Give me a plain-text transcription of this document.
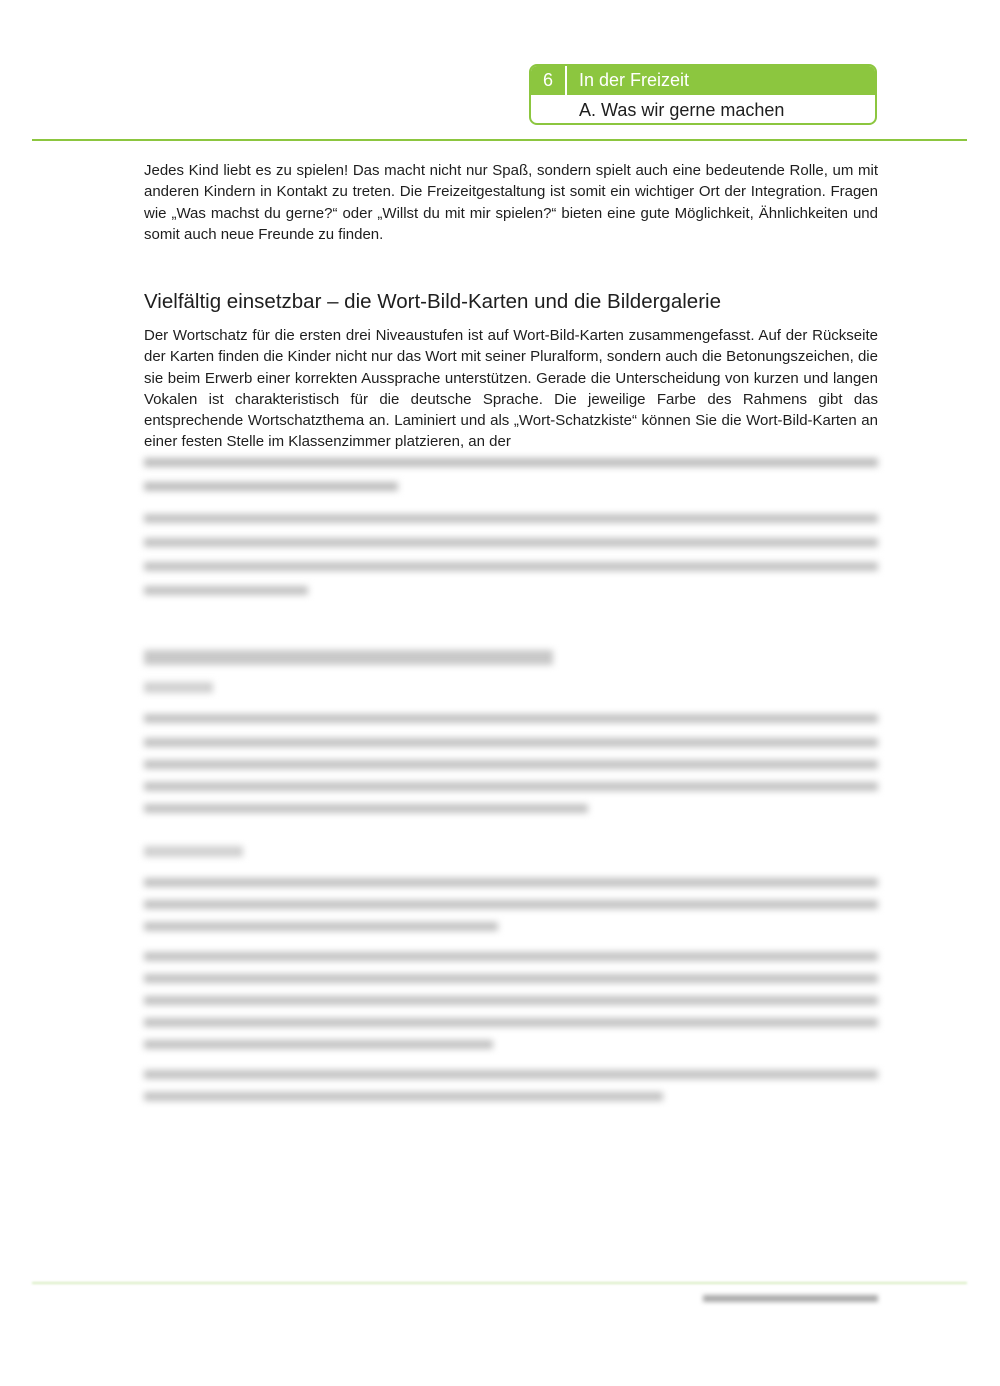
6	In der Freizeit
A. Was wir gerne machen

Jedes Kind liebt es zu spielen! Das macht nicht nur Spaß, sondern spielt auch eine bedeutende Rolle, um mit anderen Kindern in Kontakt zu treten. Die Freizeitgestaltung ist somit ein wichtiger Ort der Integration. Fragen wie „Was machst du gerne?“ oder „Willst du mit mir spielen?“ bieten eine gute Möglichkeit, Ähnlichkeiten und somit auch neue Freunde zu finden.

Vielfältig einsetzbar – die Wort-Bild-Karten und die Bildergalerie

Der Wortschatz für die ersten drei Niveaustufen ist auf Wort-Bild-Karten zusammengefasst. Auf der Rückseite der Karten finden die Kinder nicht nur das Wort mit seiner Pluralform, sondern auch die Betonungszeichen, die sie beim Erwerb einer korrekten Aussprache unterstützen. Gerade die Unterscheidung von kurzen und langen Vokalen ist charakteristisch für die deutsche Sprache. Die jeweilige Farbe des Rahmens gibt das entsprechende Wortschatzthema an. Laminiert und als „Wort-Schatzkiste“ können Sie die Wort-Bild-Karten an einer festen Stelle im Klassenzimmer platzieren, an der
